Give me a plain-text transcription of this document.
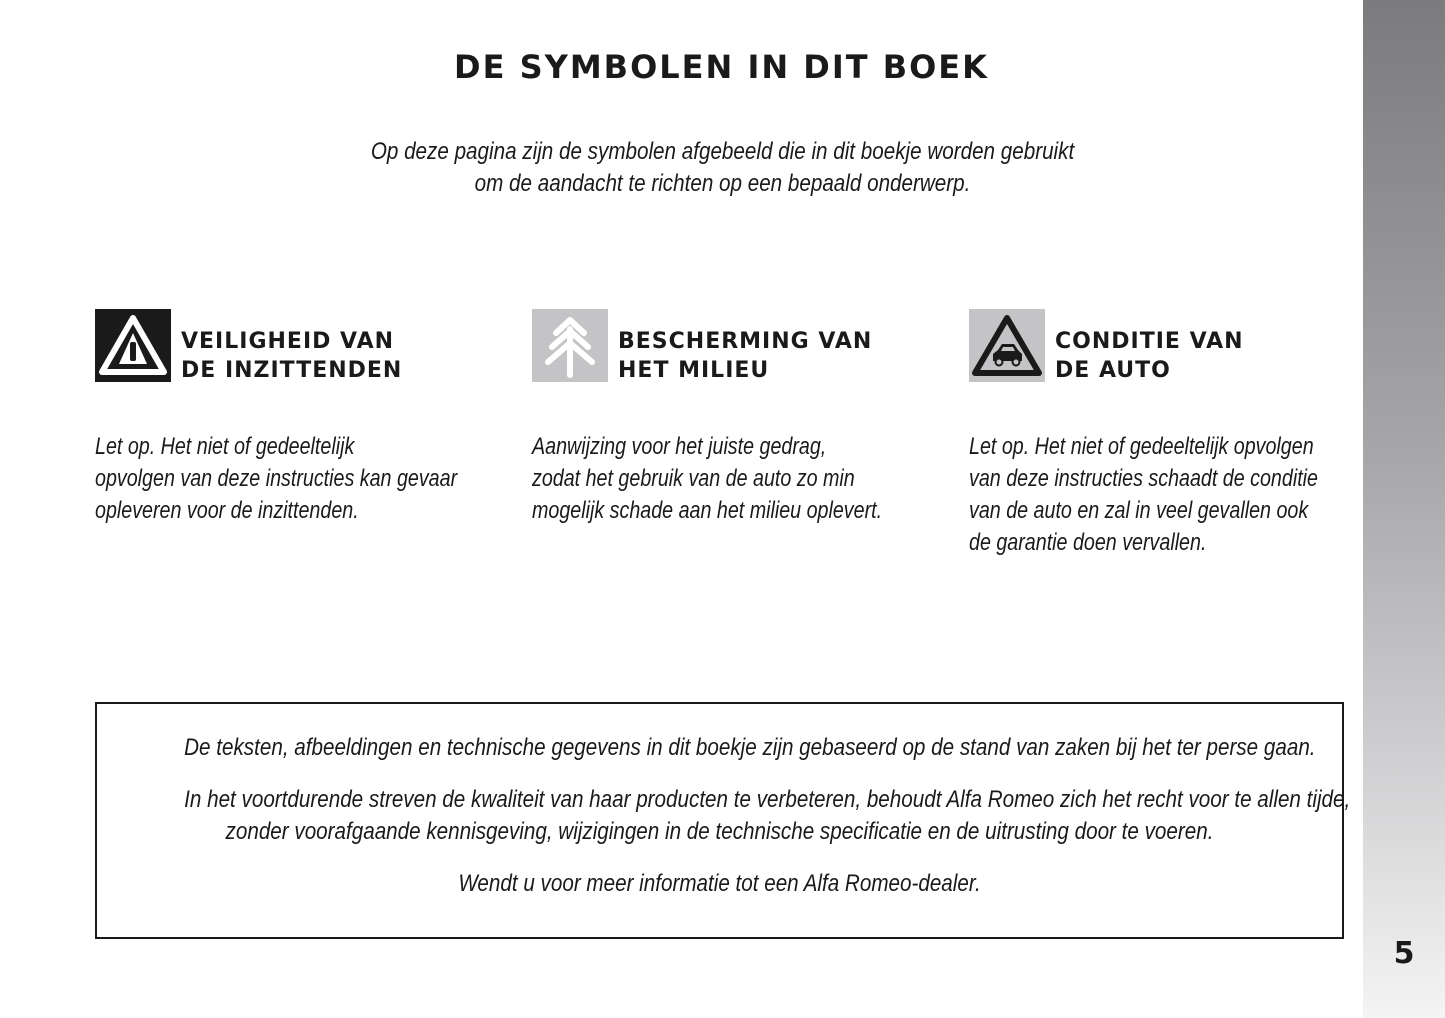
DE SYMBOLEN IN DIT BOEK
Op deze pagina zijn de symbolen afgebeeld die in dit boekje worden gebruikt
om de aandacht te richten op een bepaald onderwerp.
VEILIGHEID VAN
DE INZITTENDEN
Let op. Het niet of gedeeltelijk
opvolgen van deze instructies kan gevaar
opleveren voor de inzittenden.
BESCHERMING VAN
HET MILIEU
Aanwijzing voor het juiste gedrag,
zodat het gebruik van de auto zo min
mogelijk schade aan het milieu oplevert.
CONDITIE VAN
DE AUTO
Let op. Het niet of gedeeltelijk opvolgen
van deze instructies schaadt de conditie
van de auto en zal in veel gevallen ook
de garantie doen vervallen.

De teksten, afbeeldingen en technische gegevens in dit boekje zijn gebaseerd op de stand van zaken bij het ter perse gaan.

In het voortdurende streven de kwaliteit van haar producten te verbeteren, behoudt Alfa Romeo zich het recht voor te allen tijde,
zonder voorafgaande kennisgeving, wijzigingen in de technische specificatie en de uitrusting door te voeren.

Wendt u voor meer informatie tot een Alfa Romeo-dealer.

5
